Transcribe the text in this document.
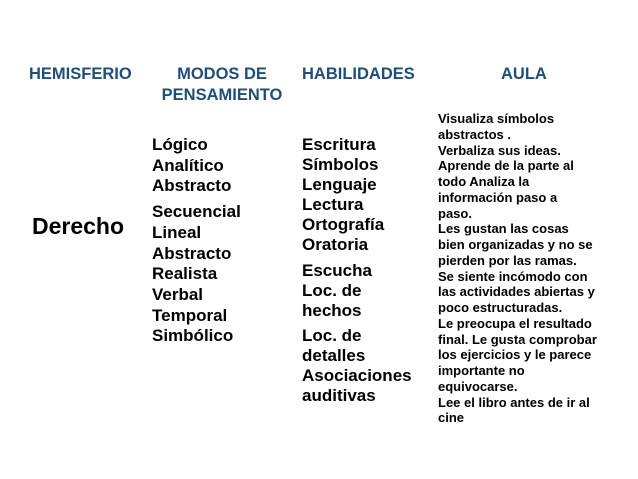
HEMISFERIO	MODOS DE
PENSAMIENTO
HABILIDADES	AULA
Derecho
Lógico
Analítico
Abstracto
Secuencial
Lineal
Abstracto
Realista
Verbal
Temporal
Simbólico
Escritura
Símbolos
Lenguaje
Lectura
Ortografía
Oratoria
Escucha
Loc. de
hechos
Loc. de
detalles
Asociaciones
auditivas
Visualiza símbolos
abstractos .
Verbaliza sus ideas.
Aprende de la parte al
todo Analiza la
información paso a
paso.
Les gustan las cosas
bien organizadas y no se
pierden por las ramas.
Se siente incómodo con
las actividades abiertas y
poco estructuradas.
Le preocupa el resultado
final. Le gusta comprobar
los ejercicios y le parece
importante no
equivocarse.
Lee el libro antes de ir al
cine
